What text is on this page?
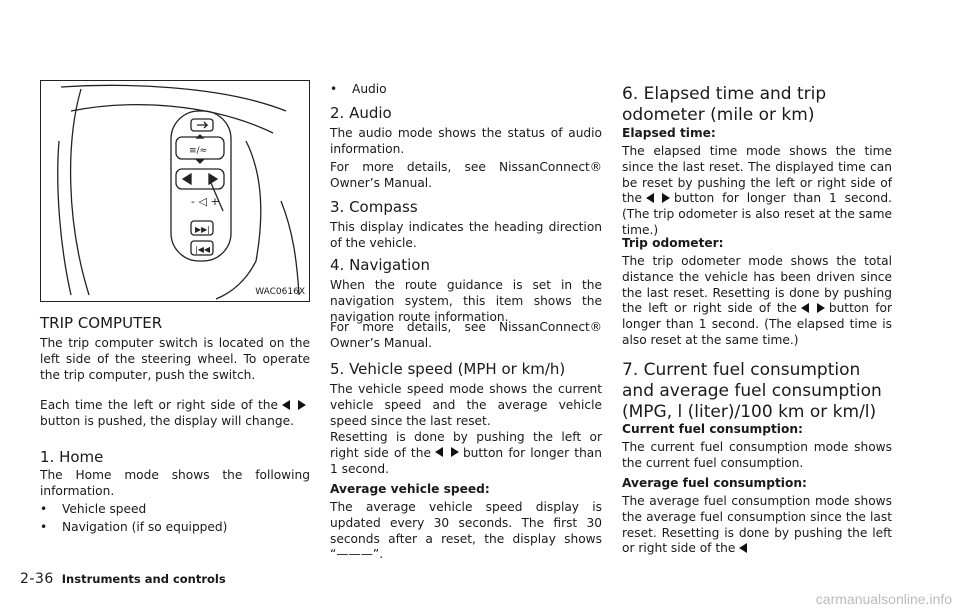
≡/≈
- ◁ +
▶▶|
|◀◀
WAC0616X
TRIP COMPUTER

The trip computer switch is located on the left side of the steering wheel. To operate the trip computer, push the switch.

Each time the left or right side of thebutton is pushed, the display will change.

1. Home

The Home mode shows the following information.

• Vehicle speed
• Navigation (if so equipped)
• Audio
2. Audio

The audio mode shows the status of audio information.

For more details, see NissanConnect® Owner’s Manual.

3. Compass

This display indicates the heading direction of the vehicle.

4. Navigation

When the route guidance is set in the navigation system, this item shows the navigation route information.

For more details, see NissanConnect® Owner’s Manual.

5. Vehicle speed (MPH or km/h)

The vehicle speed mode shows the current vehicle speed and the average vehicle speed since the last reset.

Resetting is done by pushing the left or right side of the	button for longer than 1 second.

Average vehicle speed:

The average vehicle speed display is updated every 30 seconds. The first 30 seconds after a reset, the display shows “———”.

6. Elapsed time and trip odometer (mile or km)

Elapsed time:

The elapsed time mode shows the time since the last reset. The displayed time can be reset by pushing the left or right side of the	button for longer than 1 second. (The trip odometer is also reset at the same time.)

Trip odometer:

The trip odometer mode shows the total distance the vehicle has been driven since the last reset. Resetting is done by pushing the left or right side of the	button for longer than 1 second. (The elapsed time is also reset at the same time.)

7. Current fuel consumption and average fuel consumption (MPG, l (liter)/100 km or km/l)

Current fuel consumption:

The current fuel consumption mode shows the current fuel consumption.

Average fuel consumption:

The average fuel consumption mode shows the average fuel consumption since the last reset. Resetting is done by pushing the left or right side of the

2-36 Instruments and controls
carmanualsonline.info
